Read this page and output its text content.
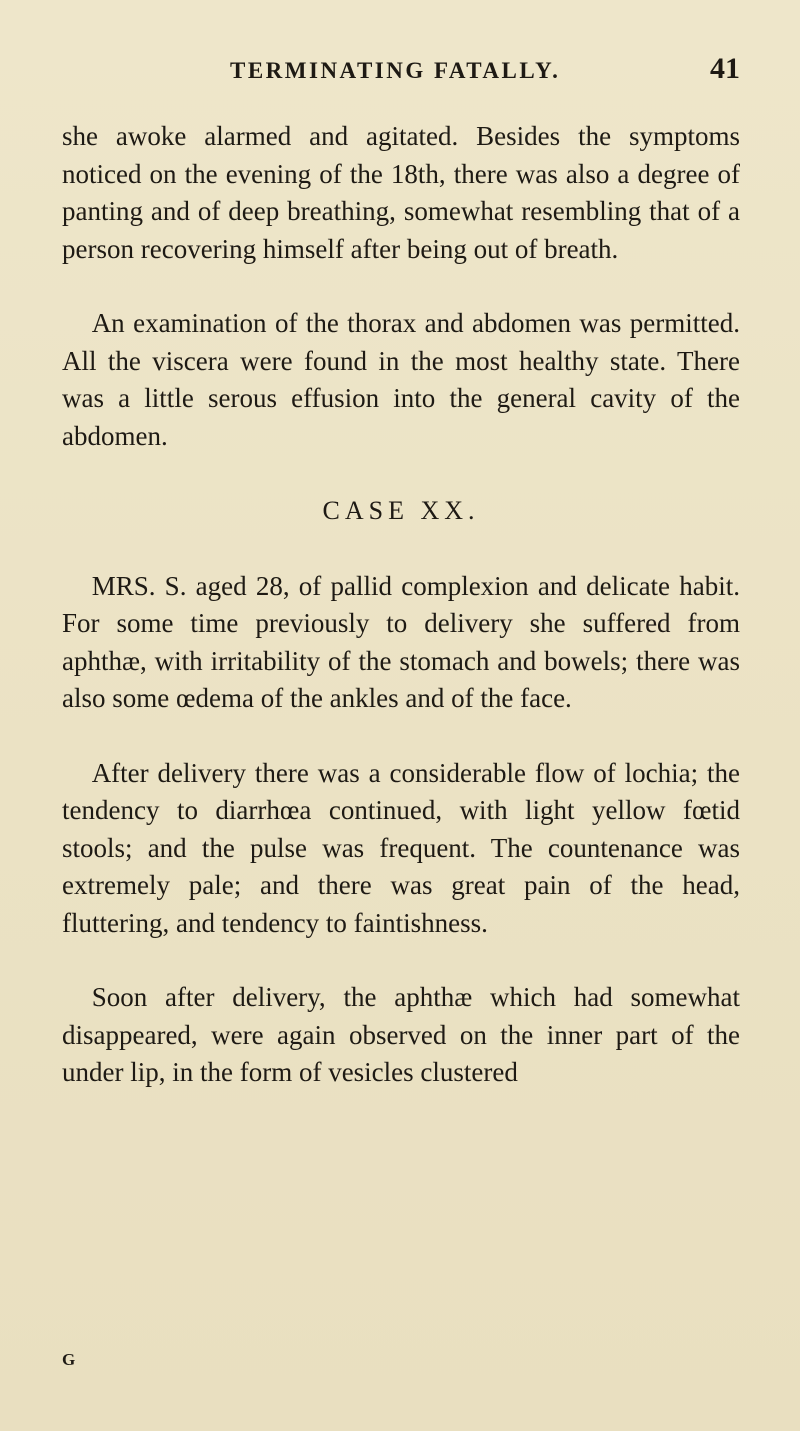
TERMINATING FATALLY.	41

she awoke alarmed and agitated. Besides the symptoms noticed on the evening of the 18th, there was also a degree of panting and of deep breathing, somewhat resembling that of a person recovering himself after being out of breath.

An examination of the thorax and abdomen was permitted. All the viscera were found in the most healthy state. There was a little serous effusion into the general cavity of the abdomen.

CASE XX.

MRS. S. aged 28, of pallid complexion and delicate habit. For some time previously to delivery she suffered from aphthæ, with irritability of the stomach and bowels; there was also some œdema of the ankles and of the face.

After delivery there was a considerable flow of lochia; the tendency to diarrhœa continued, with light yellow fœtid stools; and the pulse was frequent. The countenance was extremely pale; and there was great pain of the head, fluttering, and tendency to faintishness.

Soon after delivery, the aphthæ which had somewhat disappeared, were again observed on the inner part of the under lip, in the form of vesicles clustered

G
